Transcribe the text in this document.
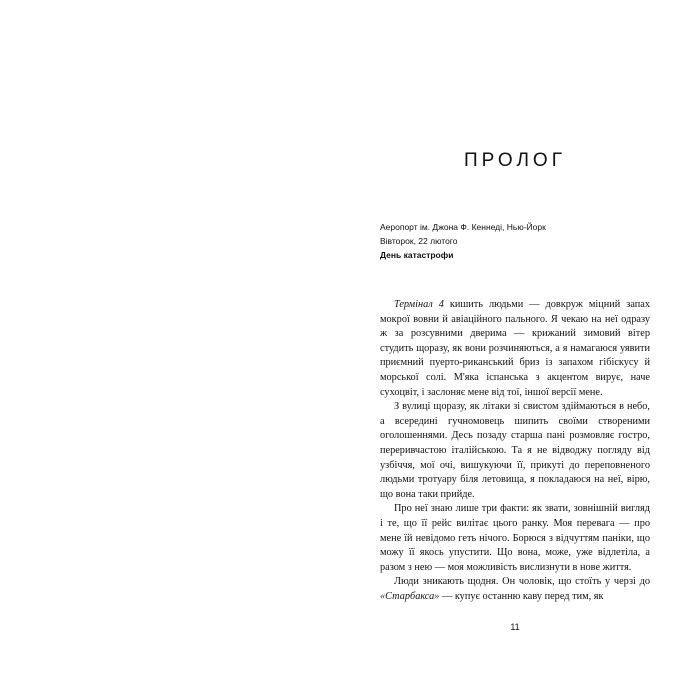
ПРОЛОГ
Аеропорт ім. Джона Ф. Кеннеді, Нью-Йорк
Вівторок, 22 лютого
День катастрофи

Термінал 4 кишить людьми — довкруж міцний запах мокрої вовни й авіаційного пального. Я чекаю на неї одразу ж за розсувними дверима — крижаний зимовий вітер студить щоразу, як вони розчиняються, а я намагаюся уявити приємний пуерто-риканський бриз із запахом гібіскусу й морської солі. М'яка іспанська з акцентом вирує, наче сухоцвіт, і заслоняє мене від тої, іншої версії мене.

З вулиці щоразу, як літаки зі свистом здіймаються в небо, а всередині гучномовець шипить своїми створеними оголошеннями. Десь позаду старша пані розмовляє гостро, переривчастою італійською. Та я не відводжу погляду від узбіччя, мої очі, вишукуючи її, прикуті до переповненого людьми тротуару біля летовища, я покладаюся на неї, вірю, що вона таки прийде.

Про неї знаю лише три факти: як звати, зовнішній вигляд і те, що її рейс вилітає цього ранку. Моя перевага — про мене їй невідомо геть нічого. Борюся з відчуттям паніки, що можу її якось упустити. Що вона, може, уже відлетіла, а разом з нею — моя можливість вислизнути в нове життя.

Люди зникають щодня. Он чоловік, що стоїть у черзі до «Старбакса» — купує останню каву перед тим, як

11
